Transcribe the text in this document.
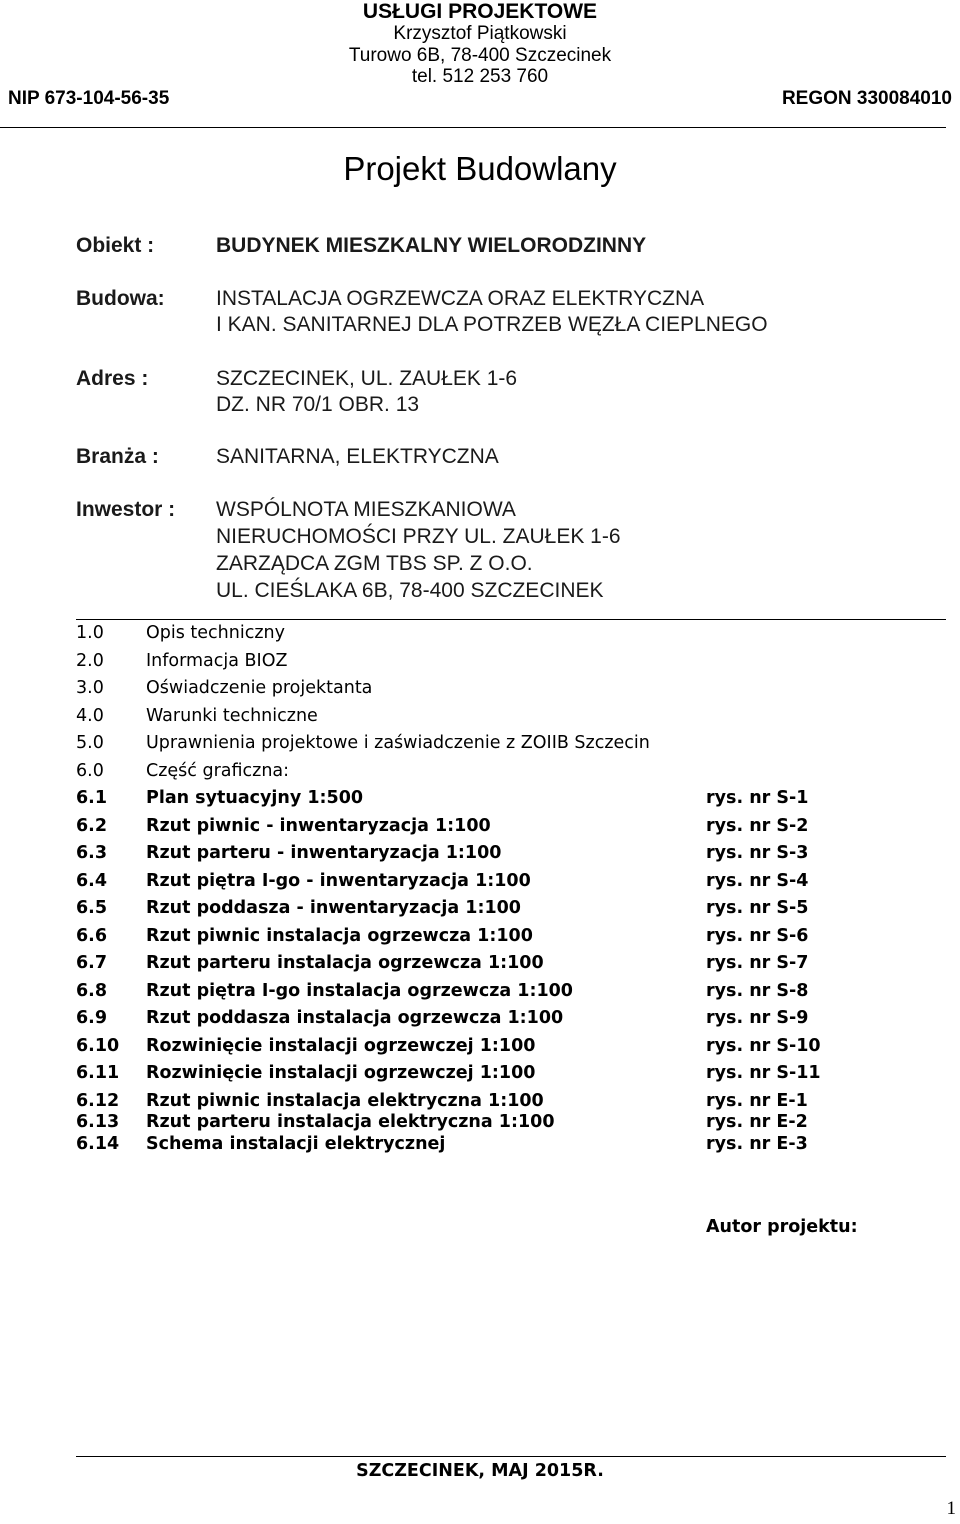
USŁUGI PROJEKTOWE
Krzysztof Piątkowski
Turowo 6B, 78-400 Szczecinek
tel. 512 253 760
NIP 673-104-56-35	REGON 330084010
Projekt Budowlany
Obiekt :	BUDYNEK MIESZKALNY WIELORODZINNY
Budowa: INSTALACJA OGRZEWCZA ORAZ ELEKTRYCZNA
I KAN. SANITARNEJ DLA POTRZEB WĘZŁA CIEPLNEGO
Adres :	SZCZECINEK, UL. ZAUŁEK 1-6
DZ. NR 70/1 OBR. 13
Branża :	SANITARNA, ELEKTRYCZNA
Inwestor : WSPÓLNOTA MIESZKANIOWA
NIERUCHOMOŚCI PRZY UL. ZAUŁEK 1-6
ZARZĄDCA ZGM TBS SP. Z O.O.
UL. CIEŚLAKA 6B, 78-400 SZCZECINEK
1.0 Opis techniczny
2.0 Informacja BIOZ
3.0 Oświadczenie projektanta
4.0 Warunki techniczne
5.0 Uprawnienia projektowe i zaświadczenie z ZOIIB Szczecin
6.0 Część graficzna:
6.1 Plan sytuacyjny 1:500	rys. nr S-1
6.2 Rzut piwnic - inwentaryzacja 1:100	rys. nr S-2
6.3 Rzut parteru - inwentaryzacja 1:100	rys. nr S-3
6.4 Rzut piętra I-go - inwentaryzacja 1:100	rys. nr S-4
6.5 Rzut poddasza - inwentaryzacja 1:100	rys. nr S-5
6.6 Rzut piwnic instalacja ogrzewcza 1:100	rys. nr S-6
6.7 Rzut parteru instalacja ogrzewcza 1:100	rys. nr S-7
6.8 Rzut piętra I-go instalacja ogrzewcza 1:100	rys. nr S-8
6.9 Rzut poddasza instalacja ogrzewcza 1:100	rys. nr S-9
6.10 Rozwinięcie instalacji ogrzewczej 1:100	rys. nr S-10
6.11 Rozwinięcie instalacji ogrzewczej 1:100	rys. nr S-11
6.12 Rzut piwnic instalacja elektryczna 1:100	rys. nr E-1
6.13 Rzut parteru instalacja elektryczna 1:100	rys. nr E-2
6.14 Schema instalacji elektrycznej	rys. nr E-3
Autor projektu:
SZCZECINEK, MAJ 2015R.
1
